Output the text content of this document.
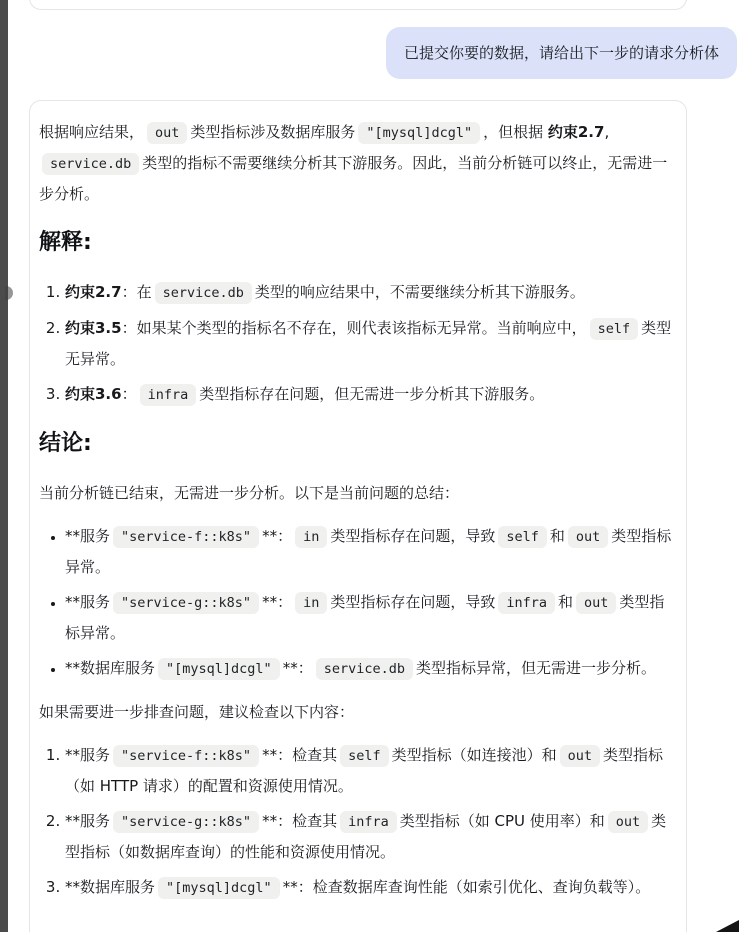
已提交你要的数据，请给出下一步的请求分析体

根据响应结果， out 类型指标涉及数据库服务 "[mysql]dcgl" ，但根据 约束2.7, service.db 类型的指标不需要继续分析其下游服务。因此，当前分析链可以终止，无需进一步分析。

解释:
1. 约束2.7：在 service.db 类型的响应结果中，不需要继续分析其下游服务。
2. 约束3.5：如果某个类型的指标名不存在，则代表该指标无异常。当前响应中， self 类型无异常。
3. 约束3.6： infra 类型指标存在问题，但无需进一步分析其下游服务。
结论:

当前分析链已结束，无需进一步分析。以下是当前问题的总结：

• **服务 "service-f::k8s" **： in 类型指标存在问题，导致 self 和 out 类型指标异常。
• **服务 "service-g::k8s" **： in 类型指标存在问题，导致 infra 和 out 类型指标异常。
• **数据库服务 "[mysql]dcgl" **： service.db 类型指标异常，但无需进一步分析。

如果需要进一步排查问题，建议检查以下内容：

1. **服务 "service-f::k8s" **：检查其 self 类型指标（如连接池）和 out 类型指标（如 HTTP 请求）的配置和资源使用情况。
2. **服务 "service-g::k8s" **：检查其 infra 类型指标（如 CPU 使用率）和 out 类型指标（如数据库查询）的性能和资源使用情况。
3. **数据库服务 "[mysql]dcgl" **：检查数据库查询性能（如索引优化、查询负载等）。
